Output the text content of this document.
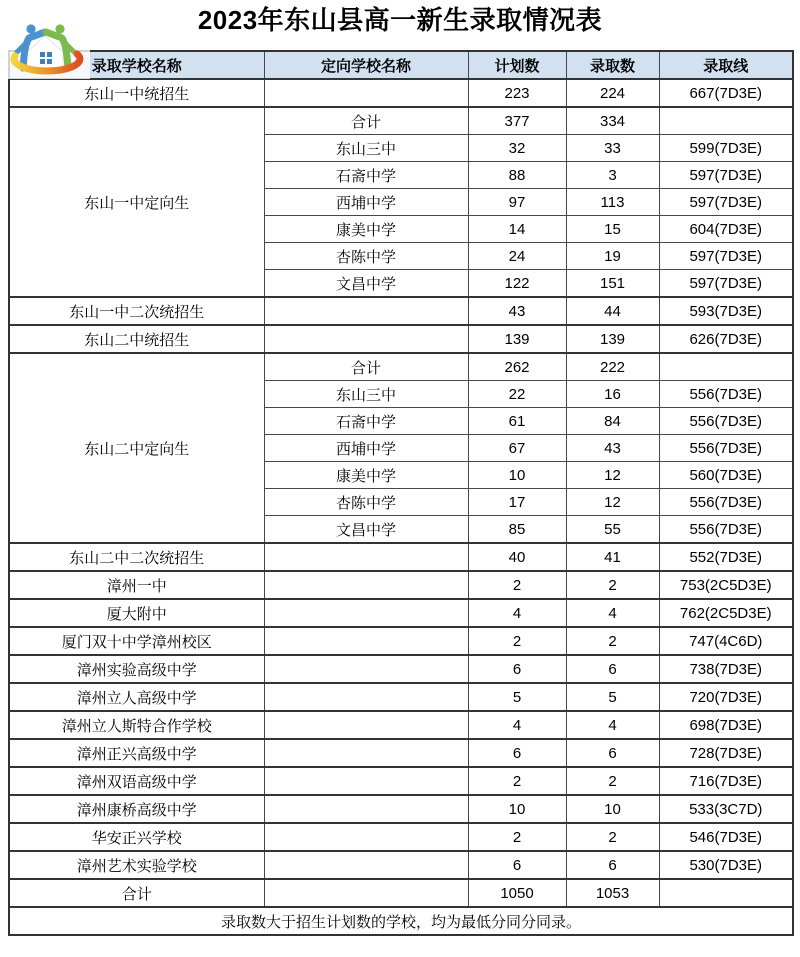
2023年东山县高一新生录取情况表
录取学校名称	定向学校名称	计划数	录取数	录取线
东山一中统招生		223	224	667(7D3E)
东山一中定向生	合计	377	334	
	东山三中	32	33	599(7D3E)
	石斋中学	88	3	597(7D3E)
	西埔中学	97	113	597(7D3E)
	康美中学	14	15	604(7D3E)
	杏陈中学	24	19	597(7D3E)
	文昌中学	122	151	597(7D3E)
东山一中二次统招生		43	44	593(7D3E)
东山二中统招生		139	139	626(7D3E)
东山二中定向生	合计	262	222	
	东山三中	22	16	556(7D3E)
	石斋中学	61	84	556(7D3E)
	西埔中学	67	43	556(7D3E)
	康美中学	10	12	560(7D3E)
	杏陈中学	17	12	556(7D3E)
	文昌中学	85	55	556(7D3E)
东山二中二次统招生		40	41	552(7D3E)
漳州一中		2	2	753(2C5D3E)
厦大附中		4	4	762(2C5D3E)
厦门双十中学漳州校区		2	2	747(4C6D)
漳州实验高级中学		6	6	738(7D3E)
漳州立人高级中学		5	5	720(7D3E)
漳州立人斯特合作学校		4	4	698(7D3E)
漳州正兴高级中学		6	6	728(7D3E)
漳州双语高级中学		2	2	716(7D3E)
漳州康桥高级中学		10	10	533(3C7D)
华安正兴学校		2	2	546(7D3E)
漳州艺术实验学校		6	6	530(7D3E)
合计		1050	1053	
录取数大于招生计划数的学校，均为最低分同分同录。				
